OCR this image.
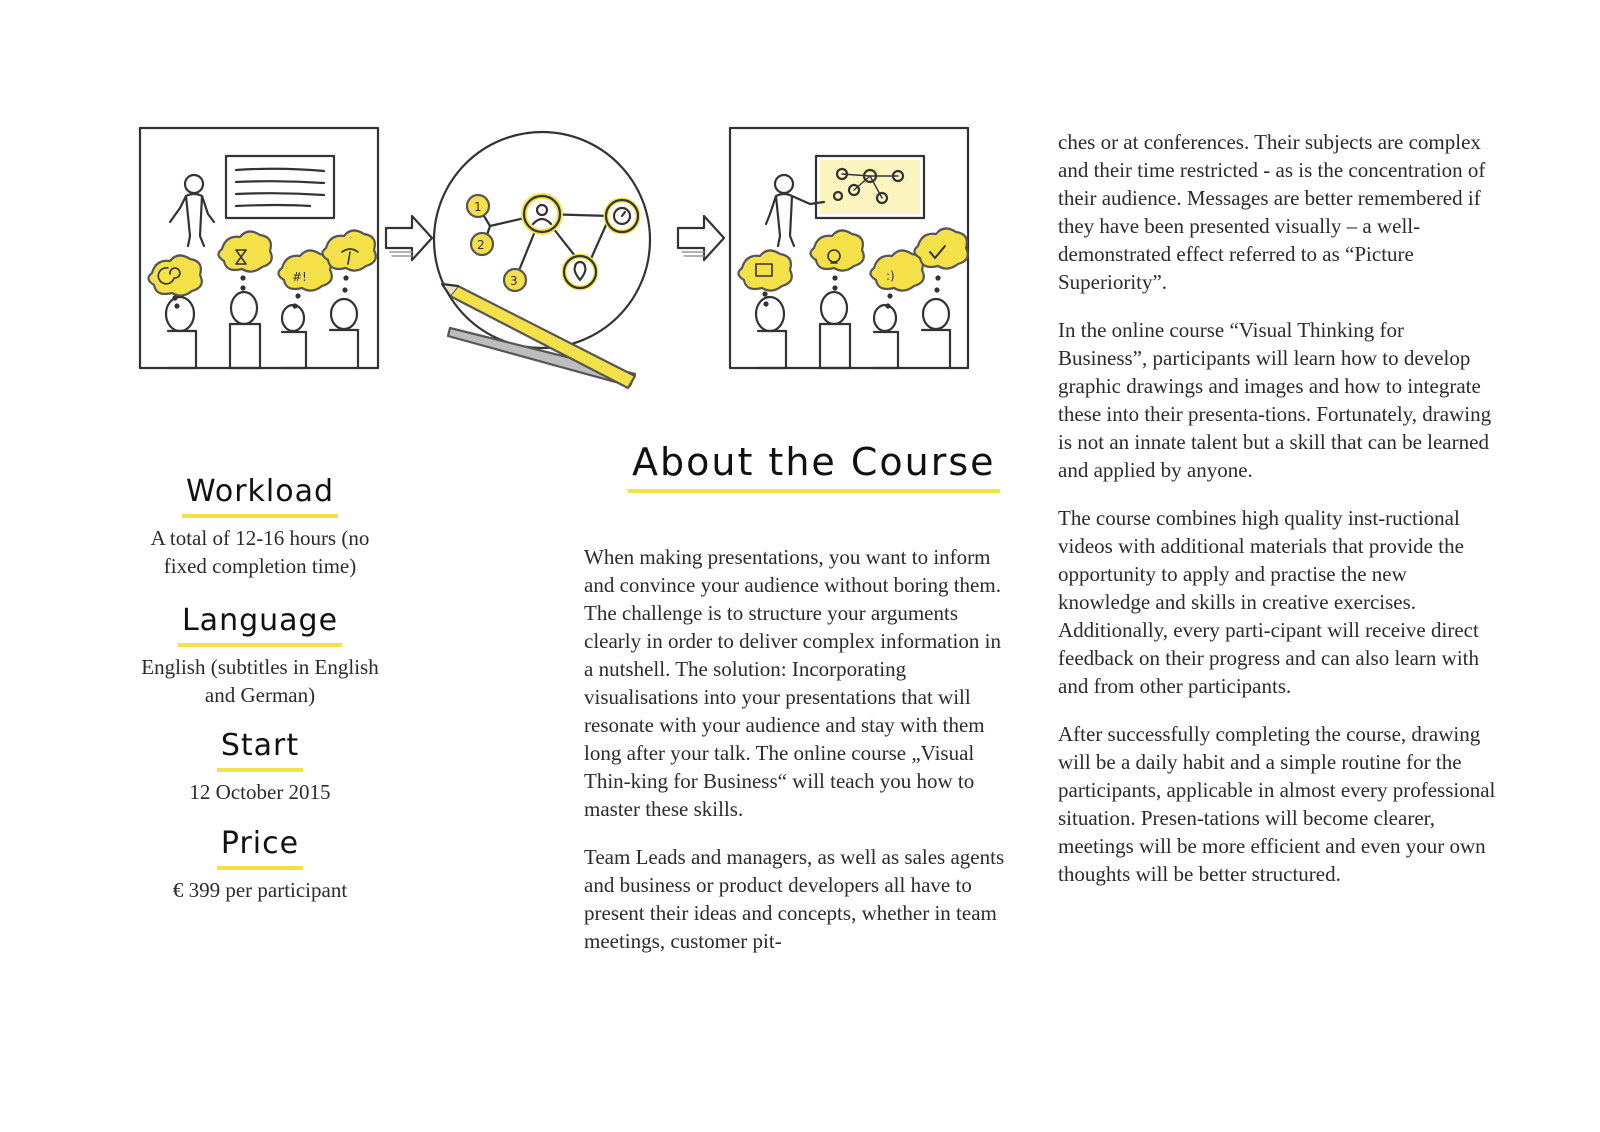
#!
1
2
3	:)
Workload
A total of 12-16 hours (no fixed completion time)
Language
English (subtitles in English and German)
Start
12 October 2015
Price
€ 399 per participant
About the Course

When making presentations, you want to inform and convince your audience without boring them. The challenge is to structure your arguments clearly in order to deliver complex information in a nutshell. The solution: Incorporating visualisations into your presentations that will resonate with your audience and stay with them long after your talk. The online course „Visual Thin-king for Business“ will teach you how to master these skills.

Team Leads and managers, as well as sales agents and business or product developers all have to present their ideas and concepts, whether in team meetings, customer pit-

ches or at conferences. Their subjects are complex and their time restricted - as is the concentration of their audience. Messages are better remembered if they have been presented visually – a well-demonstrated effect referred to as “Picture Superiority”.

In the online course “Visual Thinking for Business”, participants will learn how to develop graphic drawings and images and how to integrate these into their presenta-tions. Fortunately, drawing is not an innate talent but a skill that can be learned and applied by anyone.

The course combines high quality inst-ructional videos with additional materials that provide the opportunity to apply and practise the new knowledge and skills in creative exercises. Additionally, every parti-cipant will receive direct feedback on their progress and can also learn with and from other participants.

After successfully completing the course, drawing will be a daily habit and a simple routine for the participants, applicable in almost every professional situation. Presen-tations will become clearer, meetings will be more efficient and even your own thoughts will be better structured.
